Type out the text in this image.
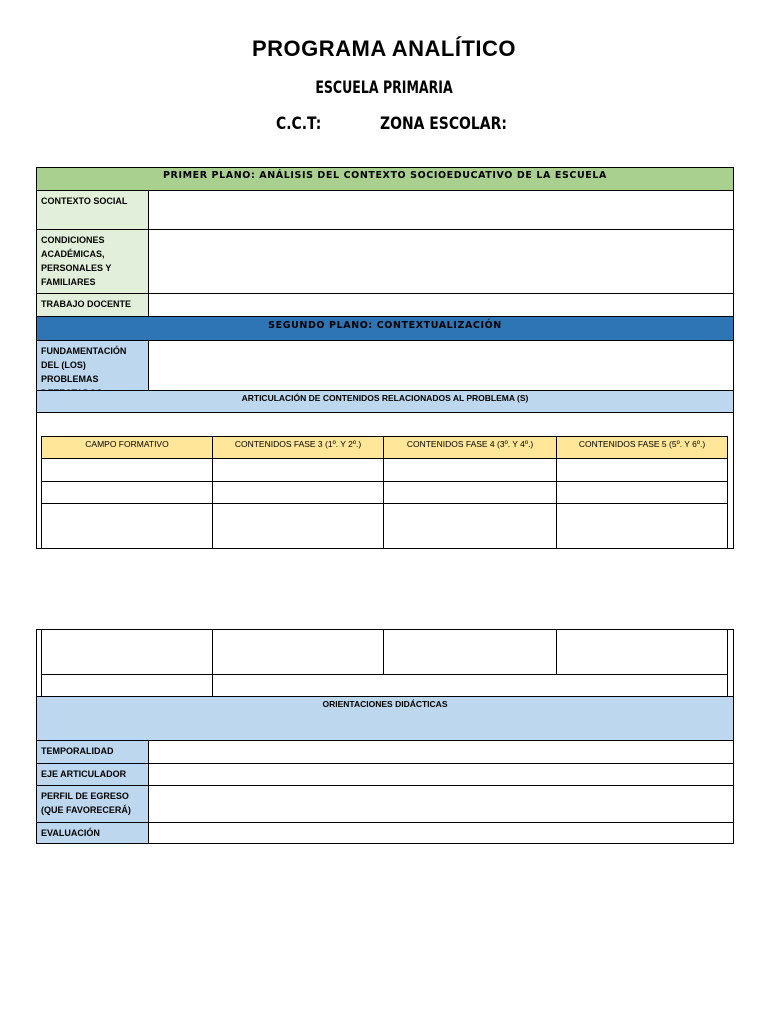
PROGRAMA ANALÍTICO
ESCUELA PRIMARIA
C.C.T:	ZONA ESCOLAR:
PRIMER PLANO: ANÁLISIS DEL CONTEXTO SOCIOEDUCATIVO DE LA ESCUELA
CONTEXTO SOCIAL
CONDICIONES ACADÉMICAS, PERSONALES Y FAMILIARES
TRABAJO DOCENTE
SEGUNDO PLANO: CONTEXTUALIZACIÓN
FUNDAMENTACIÓN DEL (LOS) PROBLEMAS
ARTICULACIÓN DE CONTENIDOS RELACIONADOS AL PROBLEMA (S)
CAMPO FORMATIVO	CONTENIDOS FASE 3 (1º. Y 2º.)	CONTENIDOS FASE 4 (3º. Y 4º.)	CONTENIDOS FASE 5 (5º. Y 6º.)
ORIENTACIONES DIDÁCTICAS
TEMPORALIDAD
EJE ARTICULADOR
PERFIL DE EGRESO (QUE FAVORECERÁ)
EVALUACIÓN
